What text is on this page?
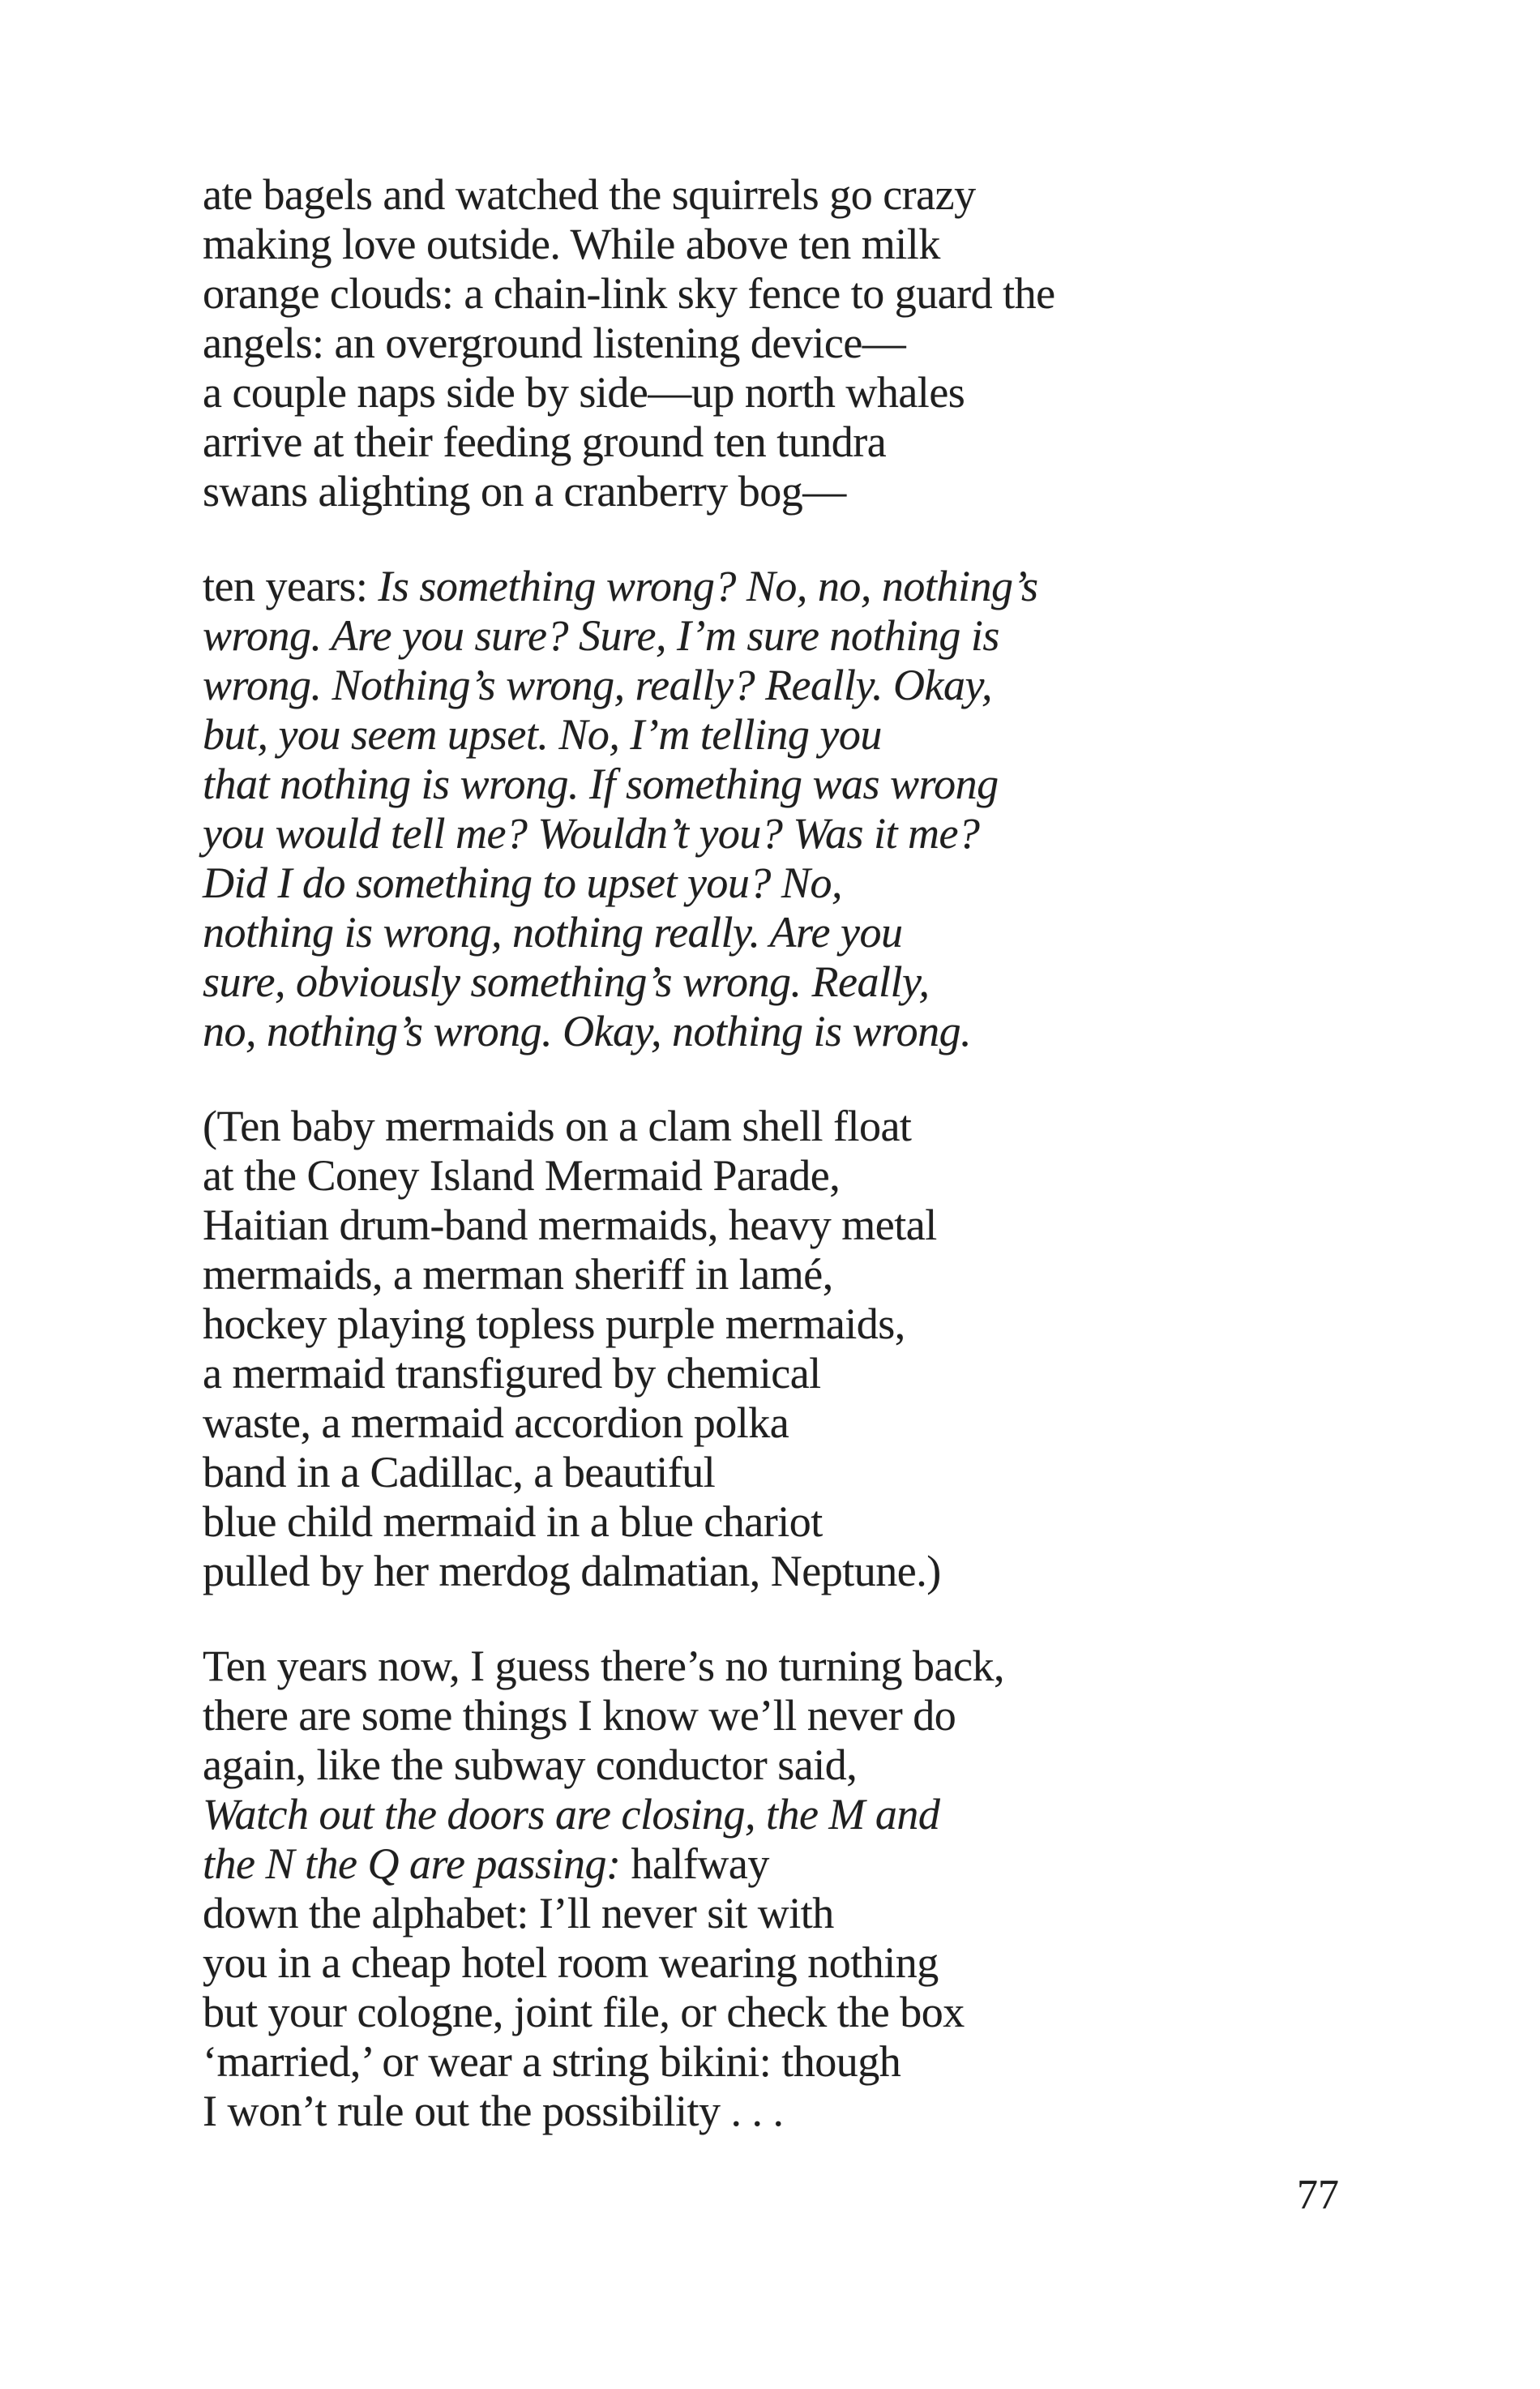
ate bagels and watched the squirrels go crazy
making love outside. While above ten milk
orange clouds: a chain-link sky fence to guard the
angels: an overground listening device—
a couple naps side by side—up north whales
arrive at their feeding ground ten tundra
swans alighting on a cranberry bog—
ten years: Is something wrong? No, no, nothing’s
wrong. Are you sure? Sure, I’m sure nothing is
wrong. Nothing’s wrong, really? Really. Okay,
but, you seem upset. No, I’m telling you
that nothing is wrong. If something was wrong
you would tell me? Wouldn’t you? Was it me?
Did I do something to upset you? No,
nothing is wrong, nothing really. Are you
sure, obviously something’s wrong. Really,
no, nothing’s wrong. Okay, nothing is wrong.
(Ten baby mermaids on a clam shell float
at the Coney Island Mermaid Parade,
Haitian drum-band mermaids, heavy metal
mermaids, a merman sheriff in lamé,
hockey playing topless purple mermaids,
a mermaid transfigured by chemical
waste, a mermaid accordion polka
band in a Cadillac, a beautiful
blue child mermaid in a blue chariot
pulled by her merdog dalmatian, Neptune.)
Ten years now, I guess there’s no turning back,
there are some things I know we’ll never do
again, like the subway conductor said,
Watch out the doors are closing, the M and
the N the Q are passing: halfway
down the alphabet: I’ll never sit with
you in a cheap hotel room wearing nothing
but your cologne, joint file, or check the box
‘married,’ or wear a string bikini: though
I won’t rule out the possibility . . .
77
